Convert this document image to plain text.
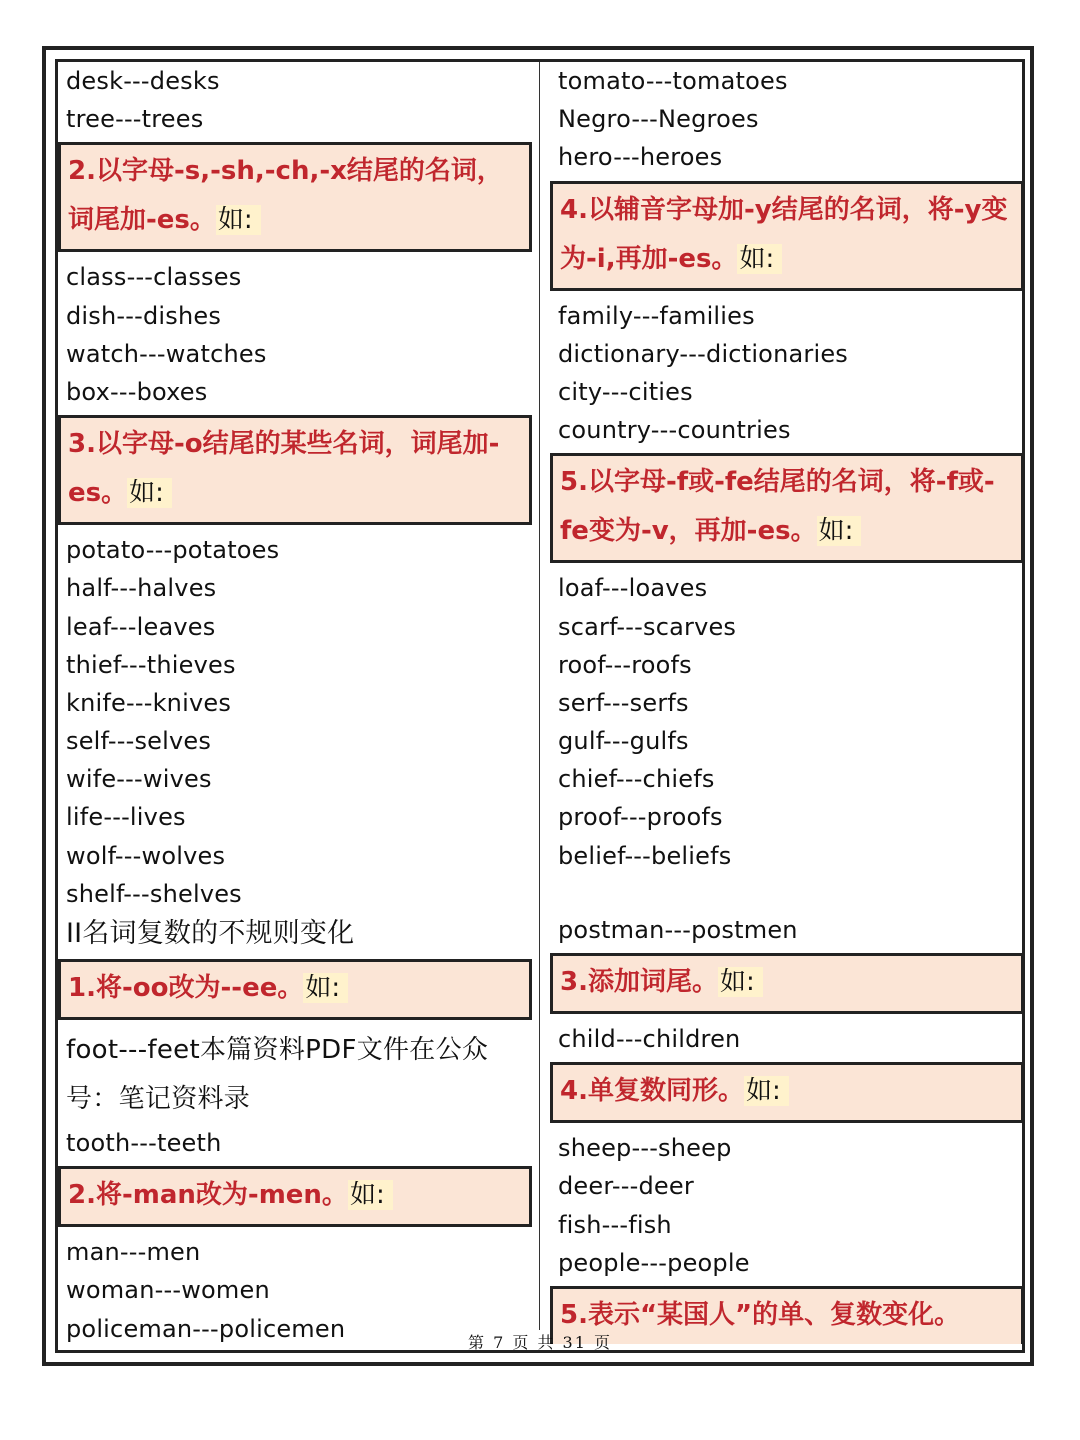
desk---desks
tree---trees
2.以字母-s,-sh,-ch,-x结尾的名词，词尾加-es。如:
class---classes
dish---dishes
watch---watches
box---boxes
3.以字母-o结尾的某些名词，词尾加-es。如:
potato---potatoes
half---halves
leaf---leaves
thief---thieves
knife---knives
self---selves
wife---wives
life---lives
wolf---wolves
shelf---shelves
II名词复数的不规则变化
1.将-oo改为--ee。如:
foot---feet本篇资料PDF文件在公众号：笔记资料录
tooth---teeth
2.将-man改为-men。如:
man---men
woman---women
policeman---policemen
tomato---tomatoes
Negro---Negroes
hero---heroes
4.以辅音字母加-y结尾的名词，将-y变为-i,再加-es。如:
family---families
dictionary---dictionaries
city---cities
country---countries
5.以字母-f或-fe结尾的名词，将-f或-fe变为-v，再加-es。如:
loaf---loaves
scarf---scarves
roof---roofs
serf---serfs
gulf---gulfs
chief---chiefs
proof---proofs
belief---beliefs
postman---postmen
3.添加词尾。如:
child---children
4.单复数同形。如:
sheep---sheep
deer---deer
fish---fish
people---people
5.表示“某国人”的单、复数变化。
第 7 页 共 31 页
